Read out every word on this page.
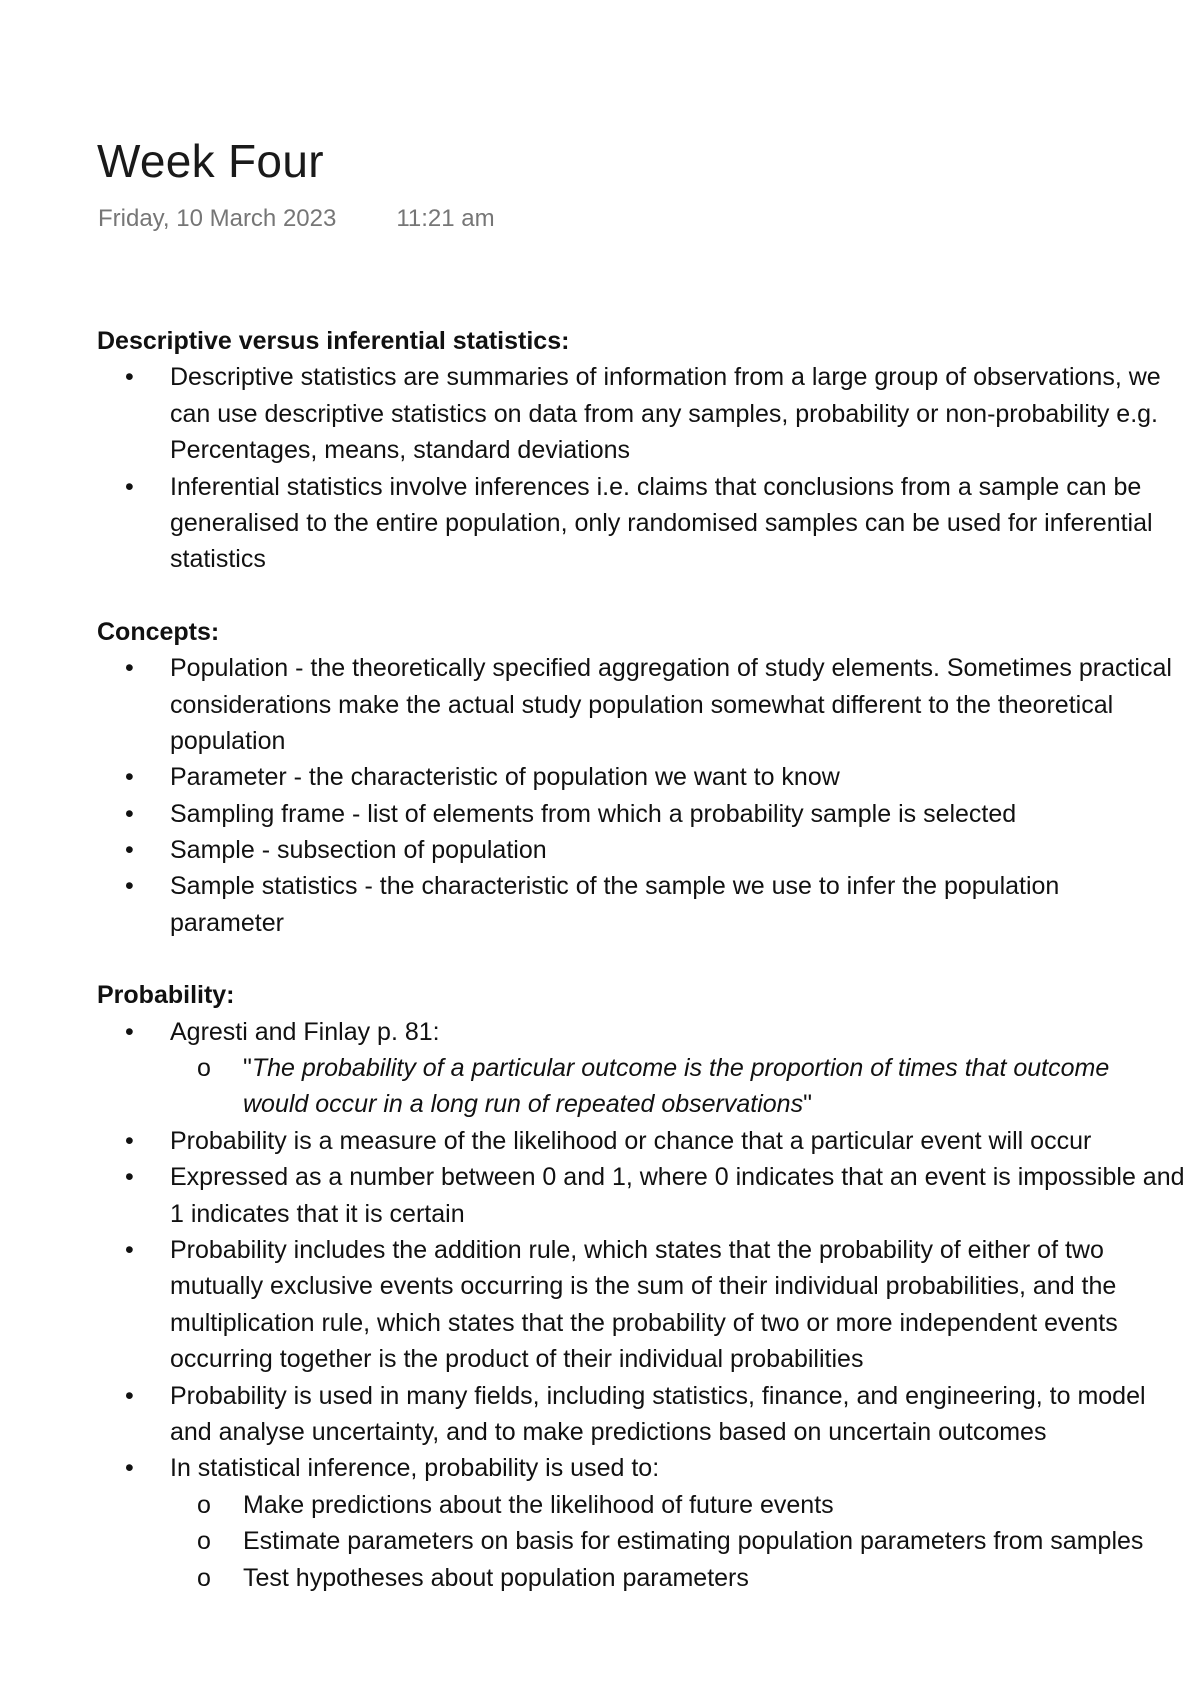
Week Four
Friday, 10 March 2023	11:21 am
Descriptive versus inferential statistics:
•	Descriptive statistics are summaries of information from a large group of observations, we
can use descriptive statistics on data from any samples, probability or non-probability e.g.
Percentages, means, standard deviations
•	Inferential statistics involve inferences i.e. claims that conclusions from a sample can be
generalised to the entire population, only randomised samples can be used for inferential
statistics
Concepts:
•	Population - the theoretically specified aggregation of study elements. Sometimes practical
considerations make the actual study population somewhat different to the theoretical
population
•	Parameter - the characteristic of population we want to know
•	Sampling frame - list of elements from which a probability sample is selected
•	Sample - subsection of population
•	Sample statistics - the characteristic of the sample we use to infer the population
parameter
Probability:
•	Agresti and Finlay p. 81:
o "The probability of a particular outcome is the proportion of times that outcome
would occur in a long run of repeated observations"
•	Probability is a measure of the likelihood or chance that a particular event will occur
•	Expressed as a number between 0 and 1, where 0 indicates that an event is impossible and
1 indicates that it is certain
•	Probability includes the addition rule, which states that the probability of either of two
mutually exclusive events occurring is the sum of their individual probabilities, and the
multiplication rule, which states that the probability of two or more independent events
occurring together is the product of their individual probabilities
•	Probability is used in many fields, including statistics, finance, and engineering, to model
and analyse uncertainty, and to make predictions based on uncertain outcomes
•	In statistical inference, probability is used to:
o Make predictions about the likelihood of future events
o Estimate parameters on basis for estimating population parameters from samples
o Test hypotheses about population parameters
